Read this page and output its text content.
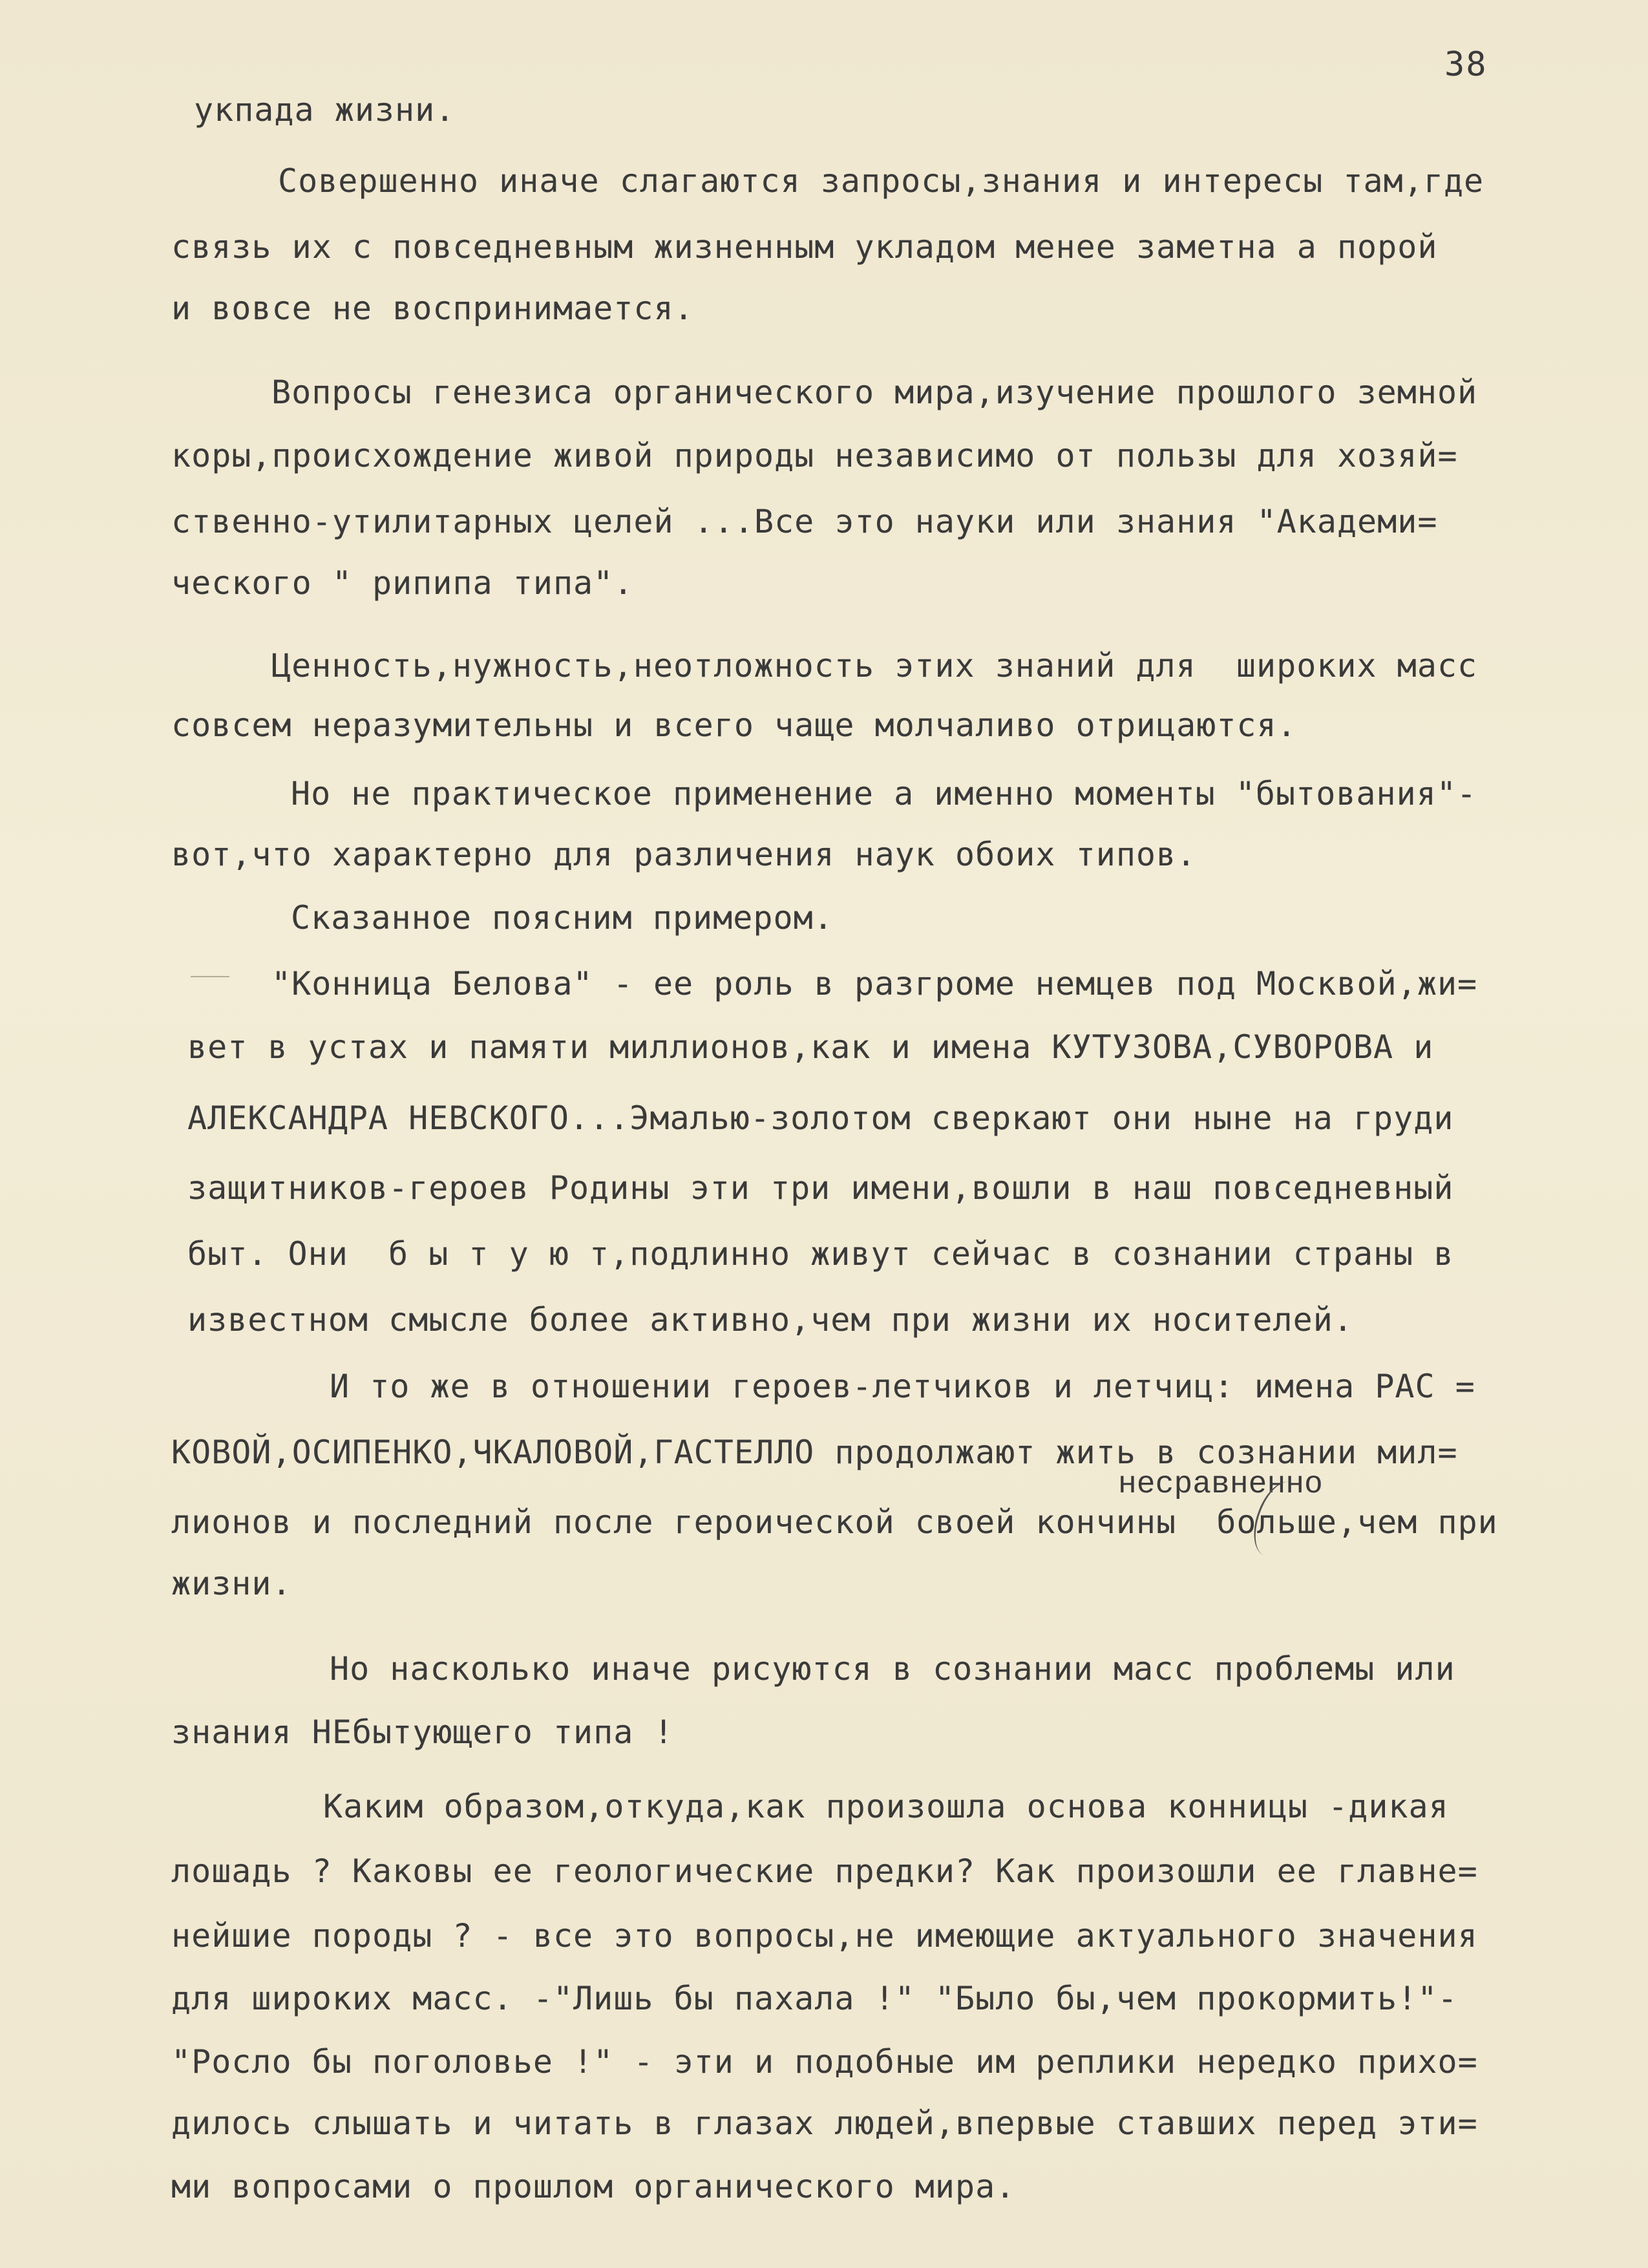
38
укпада жизни.
Совершенно иначе слагаются запросы,знания и интересы там,где
связь их с повседневным жизненным укладом менее заметна а порой
и вовсе не воспринимается.
Вопросы генезиса органического мира,изучение прошлого земной
коры,происхождение живой природы независимо от пользы для хозяй=
ственно-утилитарных целей ...Все это науки или знания "Академи=
ческого " рипипа типа".
Ценность,нужность,неотложность этих знаний для  широких масс
совсем неразумительны и всего чаще молчаливо отрицаются.
Но не практическое применение а именно моменты "бытования"-
вот,что характерно для различения наук обоих типов.
Сказанное поясним примером.
"Конница Белова" - ее роль в разгроме немцев под Москвой,жи=
вет в устах и памяти миллионов,как и имена КУТУЗОВА,СУВОРОВА и
АЛЕКСАНДРА НЕВСКОГО...Эмалью-золотом сверкают они ныне на груди
защитников-героев Родины эти три имени,вошли в наш повседневный
быт. Они  б ы т у ю т,подлинно живут сейчас в сознании страны в
известном смысле более активно,чем при жизни их носителей.
И то же в отношении героев-летчиков и летчиц: имена РАС =
КОВОЙ,ОСИПЕНКО,ЧКАЛОВОЙ,ГАСТЕЛЛО продолжают жить в сознании мил=
несравненно
лионов и последний после героической своей кончины  больше,чем при
жизни.
Но насколько иначе рисуются в сознании масс проблемы или
знания НЕбытующего типа !
Каким образом,откуда,как произошла основа конницы -дикая
лошадь ? Каковы ее геологические предки? Как произошли ее главне=
нейшие породы ? - все это вопросы,не имеющие актуального значения
для широких масс. -"Лишь бы пахала !" "Было бы,чем прокормить!"-
"Росло бы поголовье !" - эти и подобные им реплики нередко прихо=
дилось слышать и читать в глазах людей,впервые ставших перед эти=
ми вопросами о прошлом органического мира.
